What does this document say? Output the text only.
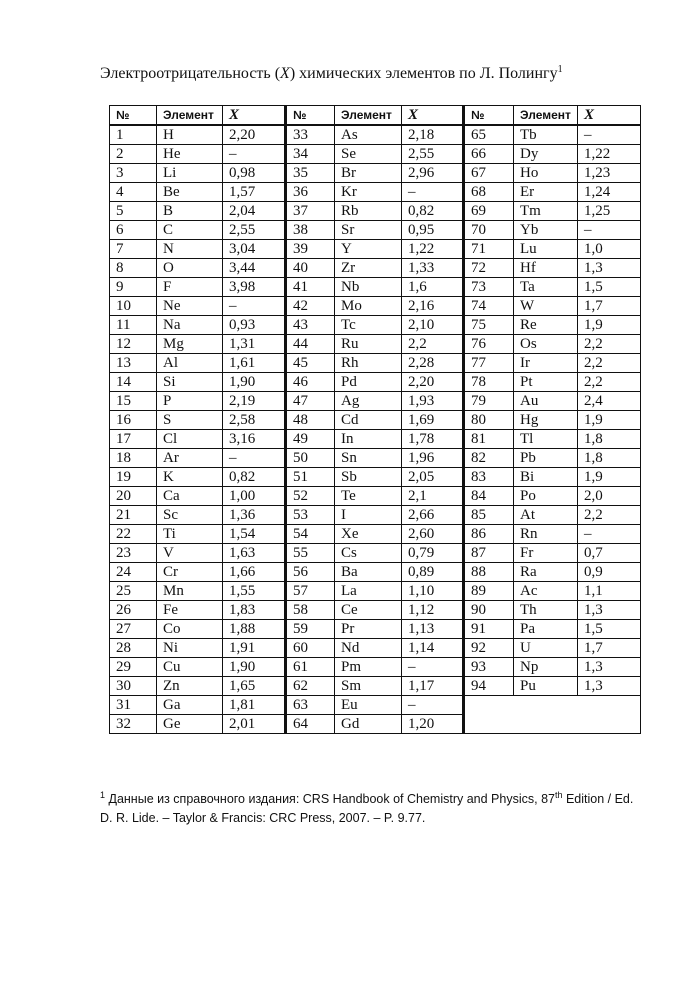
Электроотрицательность (X) химических элементов по Л. Полингу$^1$
№	Элемент	X	№	Элемент	X	№	Элемент	X
1	H	2,20	33	As	2,18	65	Tb	–
2	He	–	34	Se	2,55	66	Dy	1,22
3	Li	0,98	35	Br	2,96	67	Ho	1,23
4	Be	1,57	36	Kr	–	68	Er	1,24
5	B	2,04	37	Rb	0,82	69	Tm	1,25
6	C	2,55	38	Sr	0,95	70	Yb	–
7	N	3,04	39	Y	1,22	71	Lu	1,0
8	O	3,44	40	Zr	1,33	72	Hf	1,3
9	F	3,98	41	Nb	1,6	73	Ta	1,5
10	Ne	–	42	Mo	2,16	74	W	1,7
11	Na	0,93	43	Tc	2,10	75	Re	1,9
12	Mg	1,31	44	Ru	2,2	76	Os	2,2
13	Al	1,61	45	Rh	2,28	77	Ir	2,2
14	Si	1,90	46	Pd	2,20	78	Pt	2,2
15	P	2,19	47	Ag	1,93	79	Au	2,4
16	S	2,58	48	Cd	1,69	80	Hg	1,9
17	Cl	3,16	49	In	1,78	81	Tl	1,8
18	Ar	–	50	Sn	1,96	82	Pb	1,8
19	K	0,82	51	Sb	2,05	83	Bi	1,9
20	Ca	1,00	52	Te	2,1	84	Po	2,0
21	Sc	1,36	53	I	2,66	85	At	2,2
22	Ti	1,54	54	Xe	2,60	86	Rn	–
23	V	1,63	55	Cs	0,79	87	Fr	0,7
24	Cr	1,66	56	Ba	0,89	88	Ra	0,9
25	Mn	1,55	57	La	1,10	89	Ac	1,1
26	Fe	1,83	58	Ce	1,12	90	Th	1,3
27	Co	1,88	59	Pr	1,13	91	Pa	1,5
28	Ni	1,91	60	Nd	1,14	92	U	1,7
29	Cu	1,90	61	Pm	–	93	Np	1,3
30	Zn	1,65	62	Sm	1,17	94	Pu	1,3
31	Ga	1,81	63	Eu	–			
32	Ge	2,01	64	Gd	1,20			
$^1$ Данные из справочного издания: CRS Handbook of Chemistry and Physics, 87th Edition / Ed. D. R. Lide. – Taylor & Francis: CRC Press, 2007. – P. 9.77.
